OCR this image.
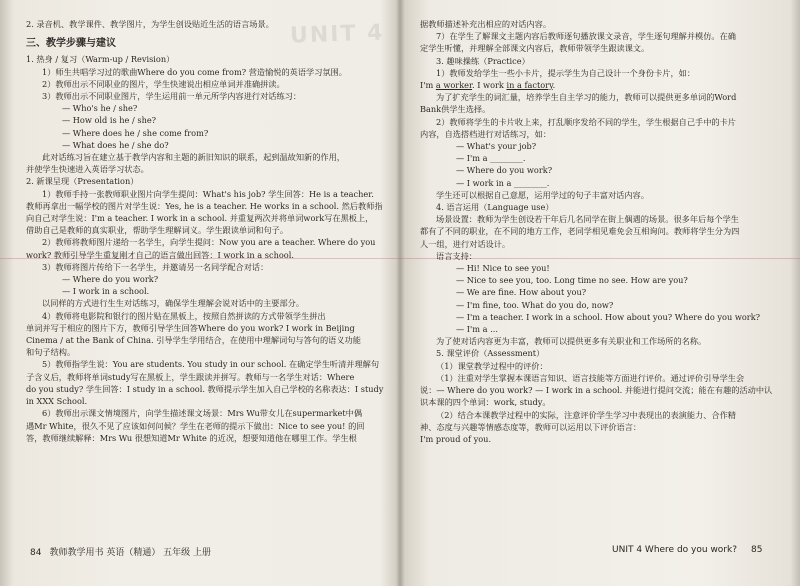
UNIT 4
2. 录音机、教学课件、教学图片，为学生创设贴近生活的语言场景。
三、教学步骤与建议
1. 热身 / 复习（Warm-up / Revision）
1）师生共唱学习过的歌曲Where do you come from? 营造愉悦的英语学习氛围。
2）教师出示不同职业的图片，学生快速说出相应单词并准确拼读。
3）教师出示不同职业图片，学生运用前一单元所学内容进行对话练习：
— Who's he / she?
— How old is he / she?
— Where does he / she come from?
— What does he / she do?
此对话练习旨在建立基于教学内容和主题的新旧知识的联系，起到温故知新的作用，
并使学生快速进入英语学习状态。
2. 新课呈现（Presentation）
1）教师手持一张教师职业图片向学生提问：What's his job? 学生回答：He is a teacher.
教师再拿出一幅学校的图片对学生说：Yes, he is a teacher. He works in a school. 然后教师指
向自己对学生说：I'm a teacher. I work in a school. 并重复两次并将单词work写在黑板上，
借助自己是教师的真实职业，帮助学生理解词义。学生跟读单词和句子。
2）教师将教师图片递给一名学生，向学生提问：Now you are a teacher. Where do you
work? 教师引导学生重复刚才自己的语言做出回答：I work in a school.
3）教师将图片传给下一名学生，并邀请另一名同学配合对话：
— Where do you work?
— I work in a school.
以同样的方式进行生生对话练习，确保学生理解会说对话中的主要部分。
4）教师将电影院和银行的图片贴在黑板上，按照自然拼读的方式带领学生拼出
单词并写于相应的图片下方，教师引导学生回答Where do you work? I work in Beijing
Cinema / at the Bank of China. 引导学生学用结合，在使用中理解词句与答句的语义功能
和句子结构。
5）教师指学生说：You are students. You study in our school. 在确定学生听清并理解句
子含义后，教师将单词study写在黑板上，学生跟读并拼写。教师与一名学生对话：Where
do you study? 学生回答：I study in a school. 教师提示学生加入自己学校的名称表达：I study
in XXX School.
6）教师出示课文情境图片，向学生描述课文场景：Mrs Wu带女儿在supermarket中偶
遇Mr White，很久不见了应该如何问候？学生在老师的提示下做出：Nice to see you! 的回
答，教师继续解释：Mrs Wu 很想知道Mr White 的近况，想要知道他在哪里工作。学生根
据教师描述补充出相应的对话内容。
7）在学生了解课文主题内容后教师逐句播放课文录音，学生逐句理解并模仿。在确
定学生听懂，并理解全部课文内容后，教师带领学生跟读课文。
3. 趣味操练（Practice）
1）教师发给学生一些小卡片，提示学生为自己设计一个身份卡片，如：
I'm a worker. I work in a factory.
为了扩充学生的词汇量，培养学生自主学习的能力，教师可以提供更多单词的Word
Bank供学生选择。
2）教师将学生的卡片收上来，打乱顺序发给不同的学生，学生根据自己手中的卡片
内容，自选搭档进行对话练习，如：
— What's your job?
— I'm a ________.
— Where do you work?
— I work in a ________.
学生还可以根据自己意愿，运用学过的句子丰富对话内容。
4. 语言运用（Language use）
场景设置：教师为学生创设若干年后几名同学在街上偶遇的场景。很多年后每个学生
都有了不同的职业，在不同的地方工作，老同学相见难免会互相询问。教师将学生分为四
人一组，进行对话设计。
语言支持：
— Hi! Nice to see you!
— Nice to see you, too. Long time no see. How are you?
— We are fine. How about you?
— I'm fine, too. What do you do, now?
— I'm a teacher. I work in a school. How about you? Where do you work?
— I'm a ...
为了使对话内容更为丰富，教师可以提供更多有关职业和工作场所的名称。
5. 课堂评价（Assessment）
（1）课堂教学过程中的评价：
（1）注重对学生掌握本课语言知识、语言技能等方面进行评价。通过评价引导学生会
说：— Where do you work? — I work in a school. 并能进行提问交流；能在有趣的活动中认
识本课的四个单词：work, study。
（2）结合本课教学过程中的实际，注意评价学生学习中表现出的表演能力、合作精
神、态度与兴趣等情感态度等，教师可以运用以下评价语言：
I'm proud of you.
84 教师教学用书 英语（精通） 五年级 上册	UNIT 4 Where do you work? 85
